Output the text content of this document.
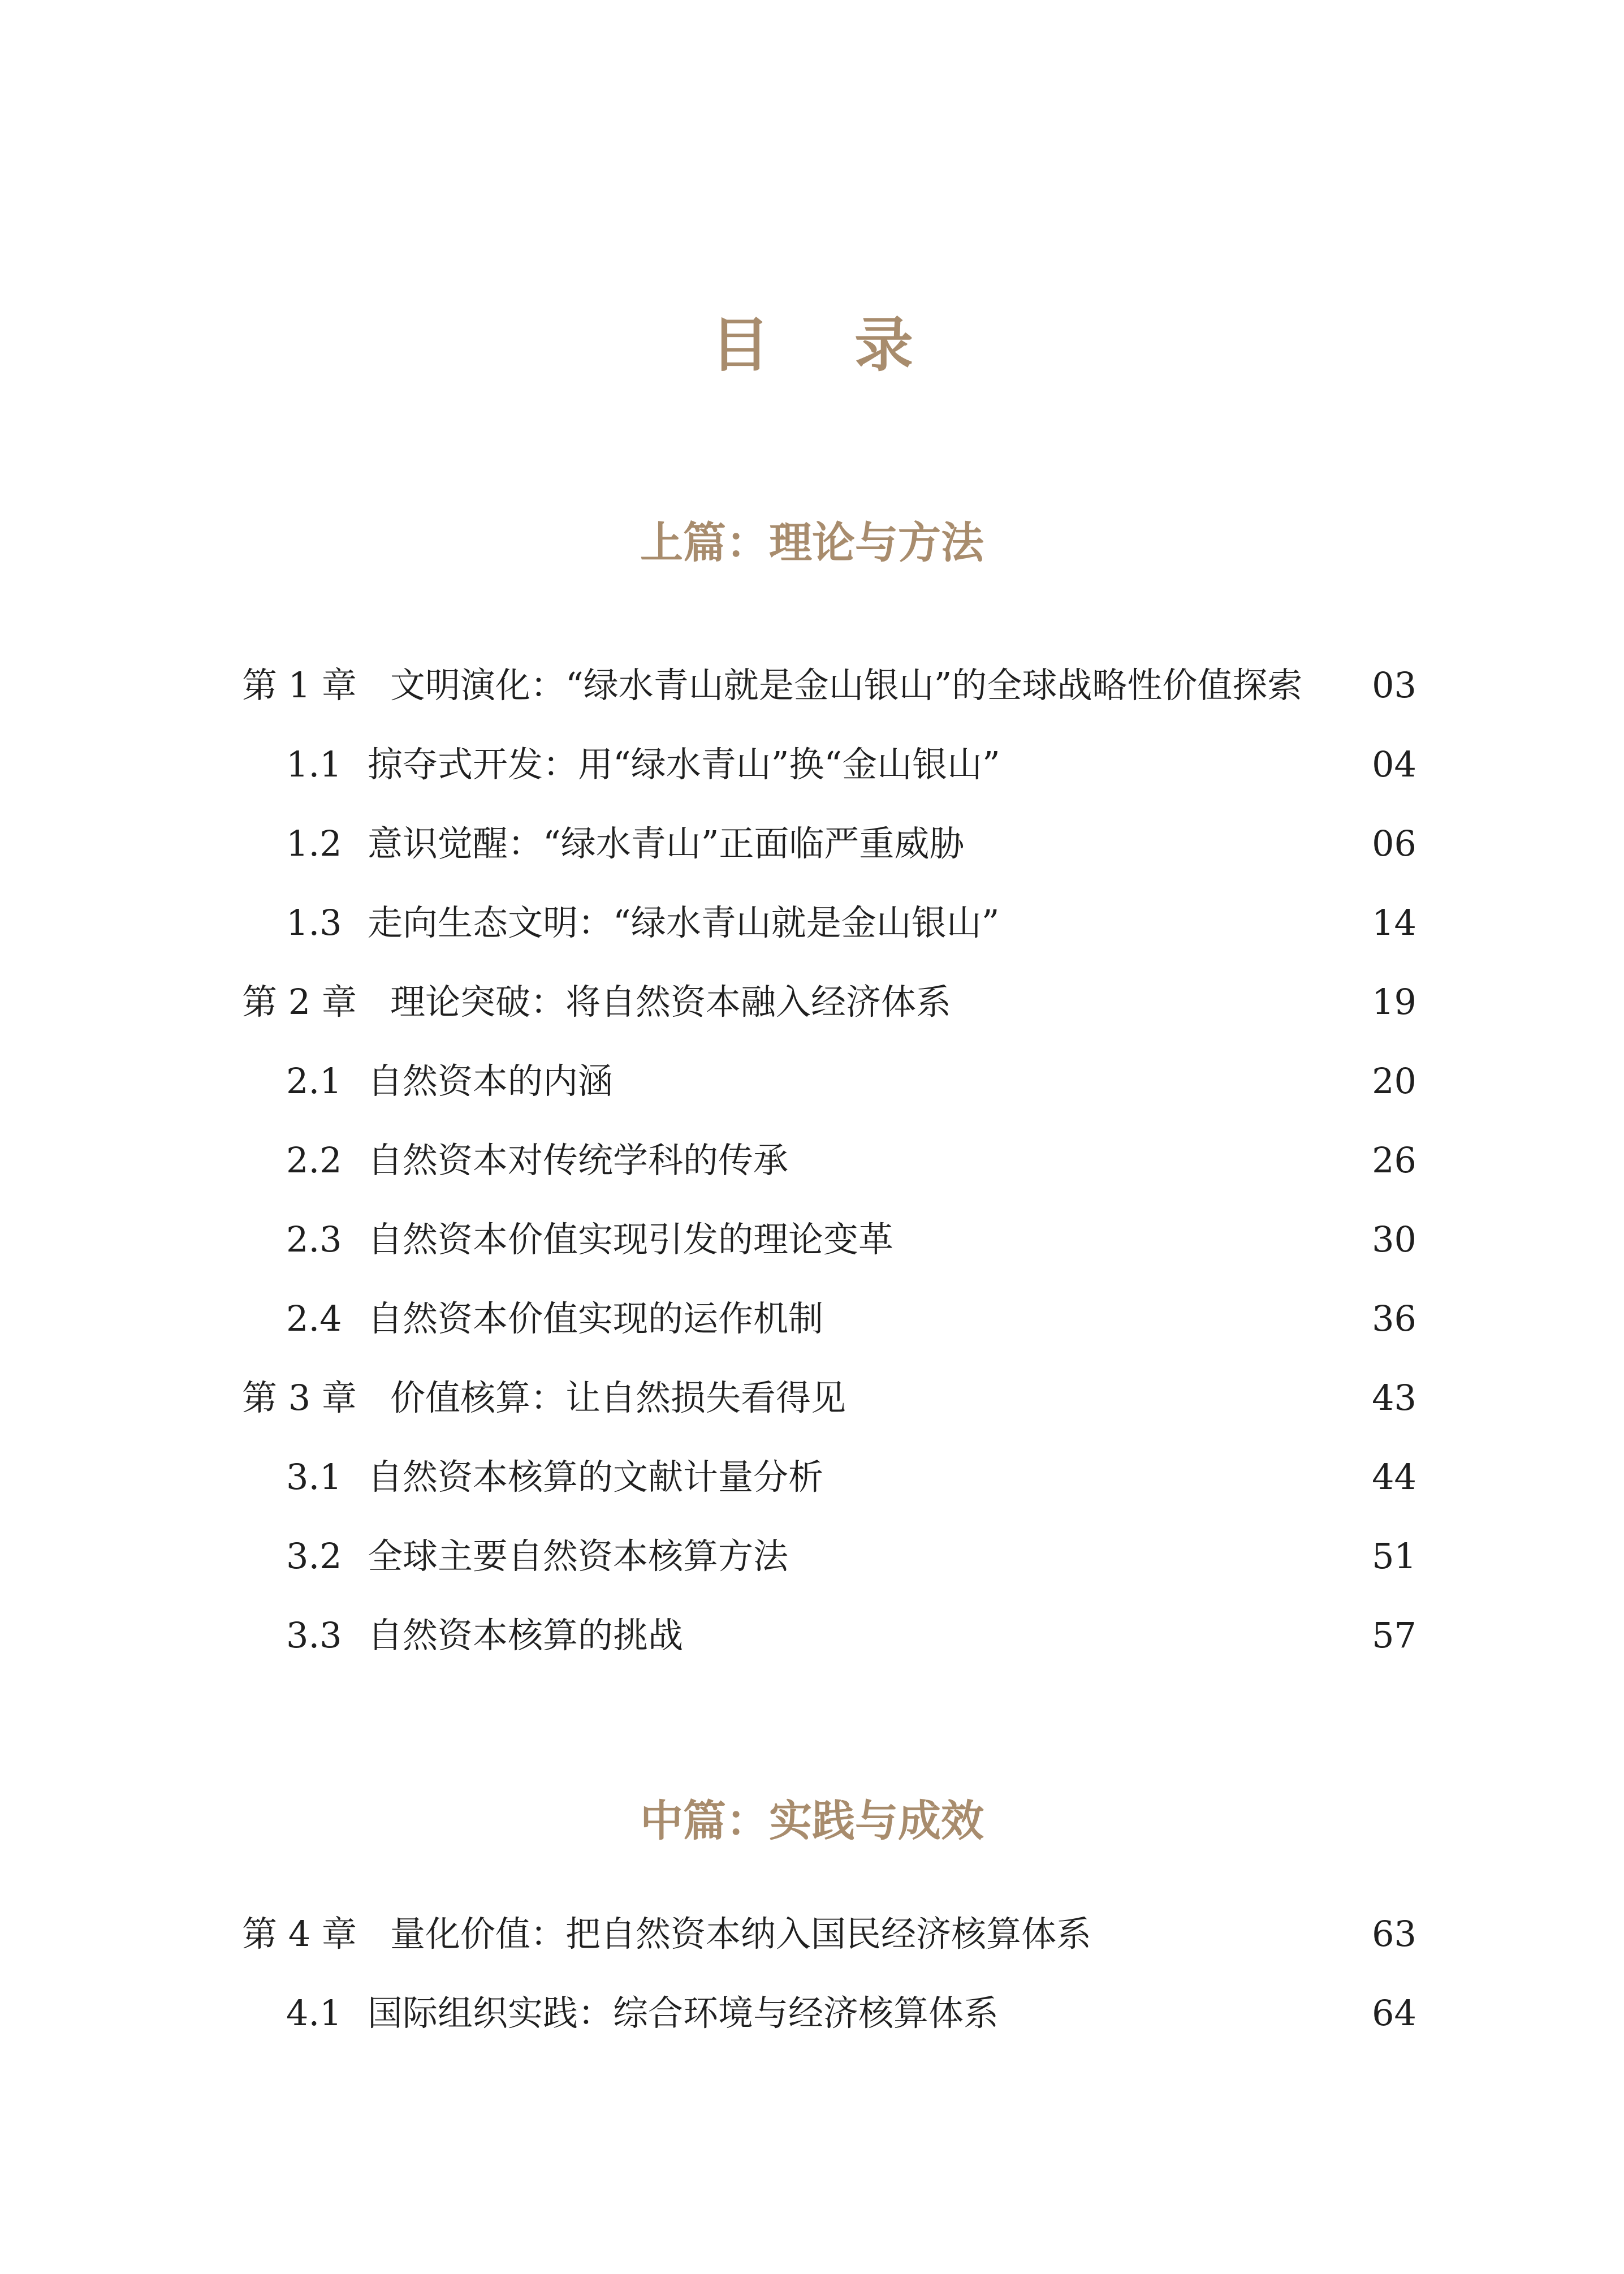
目 录
上篇：理论与方法
第 1 章 文明演化：“绿水青山就是金山银山”的全球战略性价值探索 03
1.1 掠夺式开发：用“绿水青山”换“金山银山”	04
1.2 意识觉醒：“绿水青山”正面临严重威胁	06
1.3 走向生态文明：“绿水青山就是金山银山”	14
第 2 章 理论突破：将自然资本融入经济体系	19
2.1 自然资本的内涵	20
2.2 自然资本对传统学科的传承	26
2.3 自然资本价值实现引发的理论变革	30
2.4 自然资本价值实现的运作机制	36
第 3 章 价值核算：让自然损失看得见	43
3.1 自然资本核算的文献计量分析	44
3.2 全球主要自然资本核算方法	51
3.3 自然资本核算的挑战	57
中篇：实践与成效
第 4 章 量化价值：把自然资本纳入国民经济核算体系	63
4.1 国际组织实践：综合环境与经济核算体系	64
